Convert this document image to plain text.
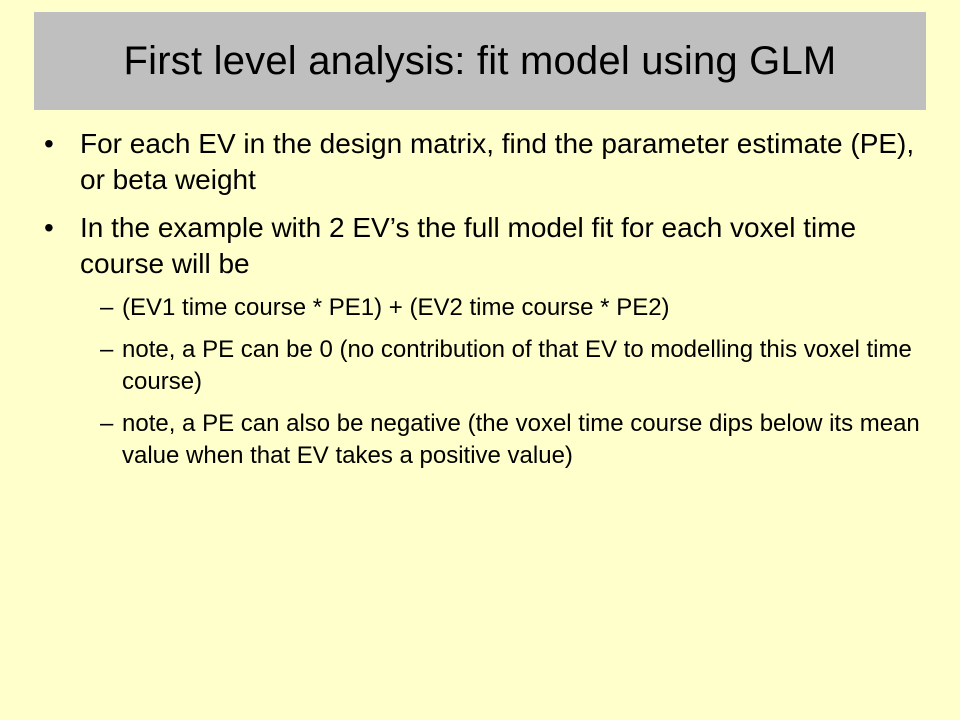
First level analysis: fit model using GLM
• For each EV in the design matrix, find the parameter estimate (PE), or beta weight
• In the example with 2 EV’s the full model fit for each voxel time course will be
– (EV1 time course * PE1) + (EV2 time course * PE2)
– note, a PE can be 0 (no contribution of that EV to modelling this voxel time course)
– note, a PE can also be negative (the voxel time course dips below its mean value when that EV takes a positive value)
